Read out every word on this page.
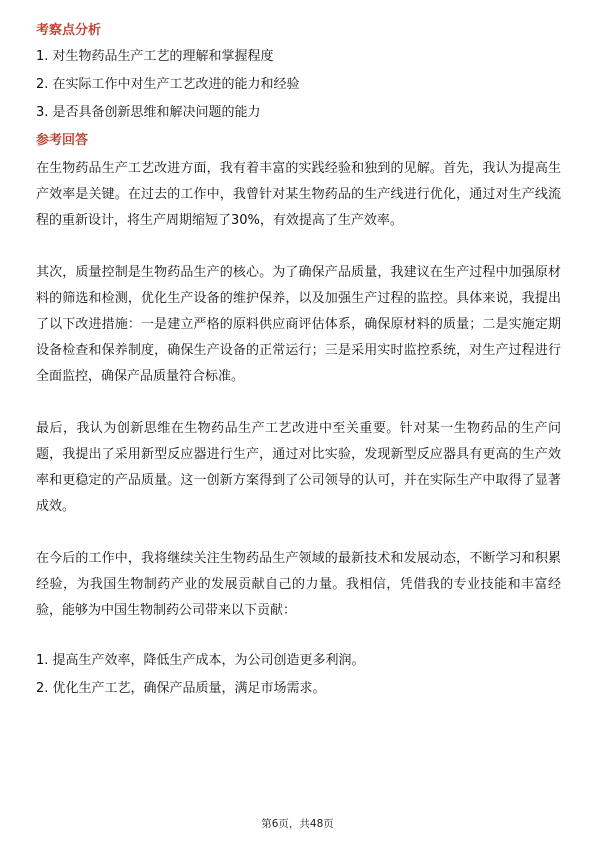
考察点分析
1. 对生物药品生产工艺的理解和掌握程度
2. 在实际工作中对生产工艺改进的能力和经验
3. 是否具备创新思维和解决问题的能力
参考回答

在生物药品生产工艺改进方面，我有着丰富的实践经验和独到的见解。首先，我认为提高生产效率是关键。在过去的工作中，我曾针对某生物药品的生产线进行优化，通过对生产线流程的重新设计，将生产周期缩短了30%，有效提高了生产效率。

其次，质量控制是生物药品生产的核心。为了确保产品质量，我建议在生产过程中加强原材料的筛选和检测，优化生产设备的维护保养，以及加强生产过程的监控。具体来说，我提出了以下改进措施：一是建立严格的原料供应商评估体系，确保原材料的质量；二是实施定期设备检查和保养制度，确保生产设备的正常运行；三是采用实时监控系统，对生产过程进行全面监控，确保产品质量符合标准。

最后，我认为创新思维在生物药品生产工艺改进中至关重要。针对某一生物药品的生产问题，我提出了采用新型反应器进行生产，通过对比实验，发现新型反应器具有更高的生产效率和更稳定的产品质量。这一创新方案得到了公司领导的认可，并在实际生产中取得了显著成效。

在今后的工作中，我将继续关注生物药品生产领域的最新技术和发展动态，不断学习和积累经验，为我国生物制药产业的发展贡献自己的力量。我相信，凭借我的专业技能和丰富经验，能够为中国生物制药公司带来以下贡献：

1. 提高生产效率，降低生产成本，为公司创造更多利润。
2. 优化生产工艺，确保产品质量，满足市场需求。
第6页，共48页
